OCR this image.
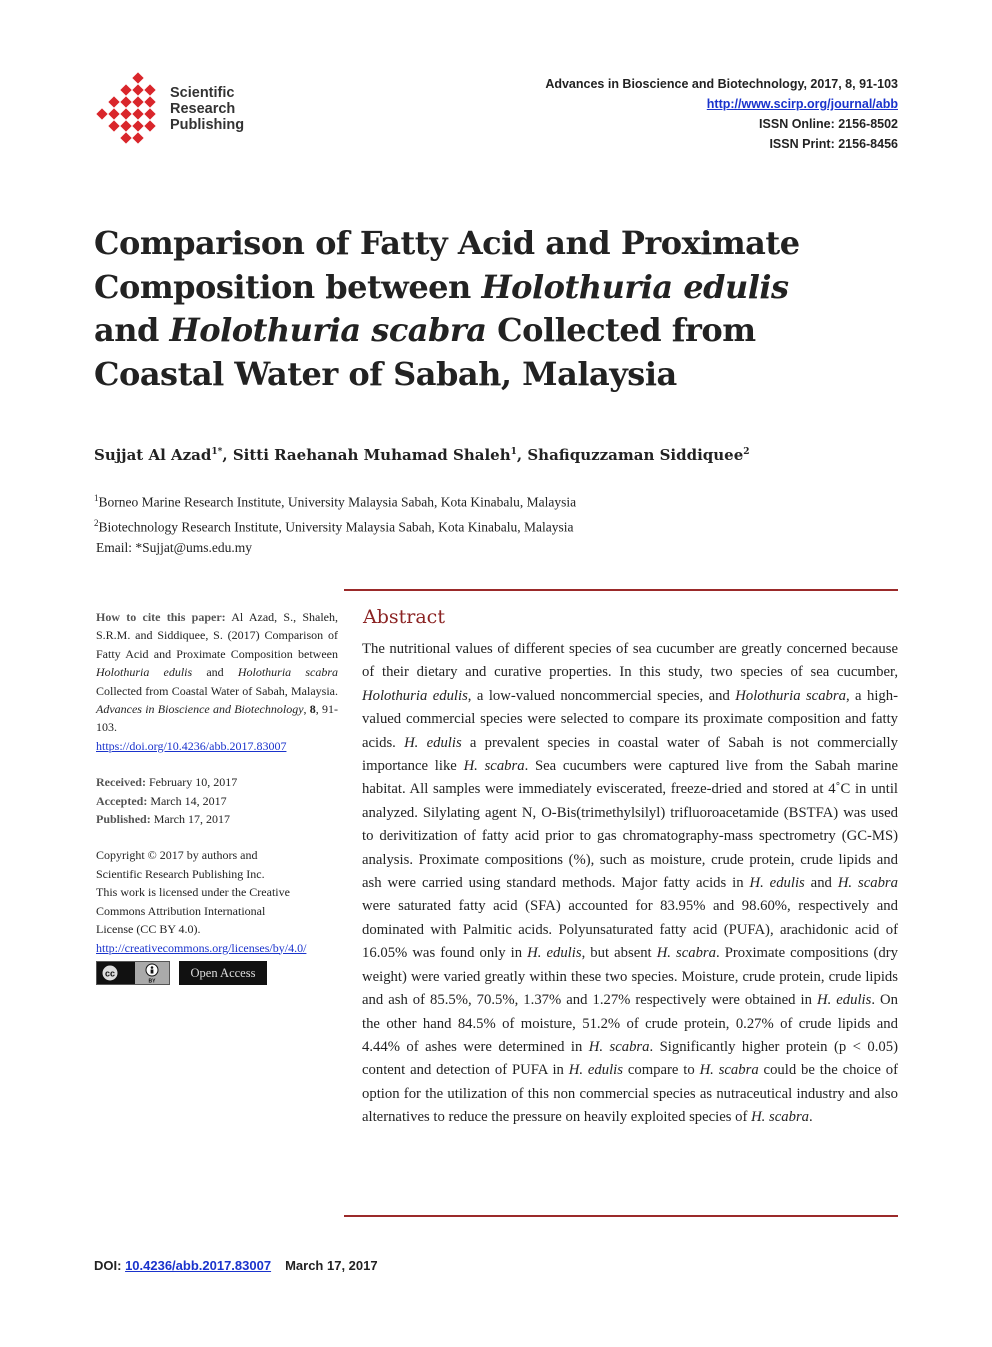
Scientific
Research
Publishing
Advances in Bioscience and Biotechnology, 2017, 8, 91-103
http://www.scirp.org/journal/abb
ISSN Online: 2156-8502
ISSN Print: 2156-8456
Comparison of Fatty Acid and Proximate Composition between Holothuria edulis and Holothuria scabra Collected from Coastal Water of Sabah, Malaysia
Sujjat Al Azad$^{1*}$, Sitti Raehanah Muhamad Shaleh$^1$, Shafiquzzaman Siddiquee$^2$
$^1$Borneo Marine Research Institute, University Malaysia Sabah, Kota Kinabalu, Malaysia
$^2$Biotechnology Research Institute, University Malaysia Sabah, Kota Kinabalu, Malaysia
Email: *Sujjat@ums.edu.my

How to cite this paper: Al Azad, S., Shaleh, S.R.M. and Siddiquee, S. (2017) Comparison of Fatty Acid and Proximate Composition between Holothuria edulis and Holothuria scabra Collected from Coastal Water of Sabah, Malaysia. Advances in Bioscience and Biotechnology, 8, 91-103.
https://doi.org/10.4236/abb.2017.83007

Received: February 10, 2017
Accepted: March 14, 2017
Published: March 17, 2017
Copyright © 2017 by authors and
Scientific Research Publishing Inc.
This work is licensed under the Creative
Commons Attribution International
License (CC BY 4.0).
http://creativecommons.org/licenses/by/4.0/
cc
BY
Open Access
Abstract

The nutritional values of different species of sea cucumber are greatly concerned because of their dietary and curative properties. In this study, two species of sea cucumber, Holothuria edulis, a low-valued noncommercial species, and Holothuria scabra, a high-valued commercial species were selected to compare its proximate composition and fatty acids. H. edulis a prevalent species in coastal water of Sabah is not commercially importance like H. scabra. Sea cucumbers were captured live from the Sabah marine habitat. All samples were immediately eviscerated, freeze-dried and stored at 4˚C in until analyzed. Silylating agent N, O-Bis(trimethylsilyl) trifluoroacetamide (BSTFA) was used to derivitization of fatty acid prior to gas chromatography-mass spectrometry (GC-MS) analysis. Proximate compositions (%), such as moisture, crude protein, crude lipids and ash were carried using standard methods. Major fatty acids in H. edulis and H. scabra were saturated fatty acid (SFA) accounted for 83.95% and 98.60%, respectively and dominated with Palmitic acids. Polyunsaturated fatty acid (PUFA), arachidonic acid of 16.05% was found only in H. edulis, but absent H. scabra. Proximate compositions (dry weight) were varied greatly within these two species. Moisture, crude protein, crude lipids and ash of 85.5%, 70.5%, 1.37% and 1.27% respectively were obtained in H. edulis. On the other hand 84.5% of moisture, 51.2% of crude protein, 0.27% of crude lipids and 4.44% of ashes were determined in H. scabra. Significantly higher protein (p < 0.05) content and detection of PUFA in H. edulis compare to H. scabra could be the choice of option for the utilization of this non commercial species as nutraceutical industry and also alternatives to reduce the pressure on heavily exploited species of H. scabra.

DOI: 10.4236/abb.2017.83007 March 17, 2017
